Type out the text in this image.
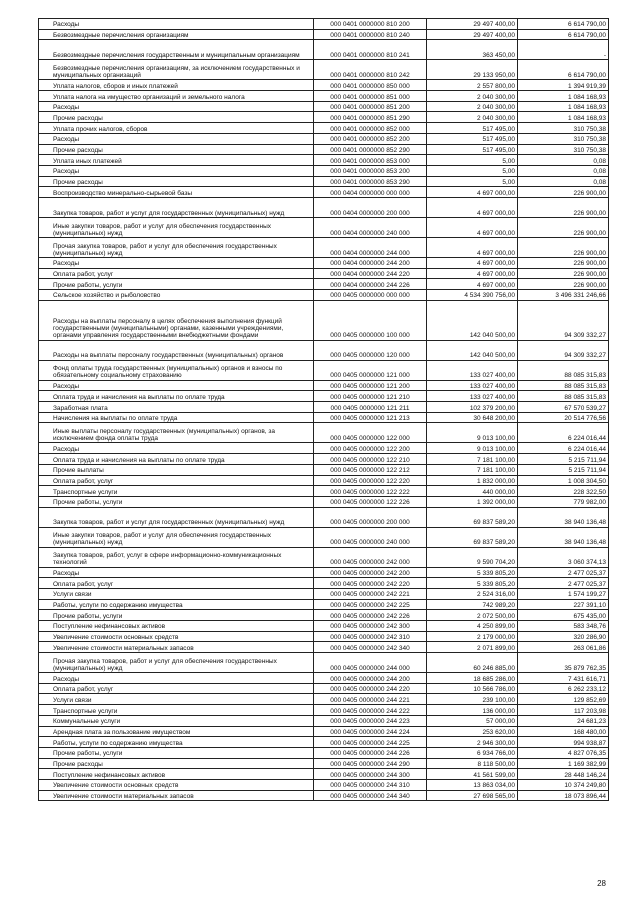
Расходы	000 0401 0000000 810 200	29 497 400,00	6 614 790,00
Безвозмездные перечисления организациям	000 0401 0000000 810 240	29 497 400,00	6 614 790,00
Безвозмездные перечисления государственным и муниципальным организациям	000 0401 0000000 810 241	363 450,00	-
Безвозмездные перечисления организациям, за исключением государственных и муниципальных организаций	000 0401 0000000 810 242	29 133 950,00	6 614 790,00
Уплата налогов, сборов и иных платежей	000 0401 0000000 850 000	2 557 800,00	1 394 919,39
Уплата налога на имущество организаций и земельного налога	000 0401 0000000 851 000	2 040 300,00	1 084 168,93
Расходы	000 0401 0000000 851 200	2 040 300,00	1 084 168,93
Прочие расходы	000 0401 0000000 851 290	2 040 300,00	1 084 168,93
Уплата прочих налогов, сборов	000 0401 0000000 852 000	517 495,00	310 750,38
Расходы	000 0401 0000000 852 200	517 495,00	310 750,38
Прочие расходы	000 0401 0000000 852 290	517 495,00	310 750,38
Уплата иных платежей	000 0401 0000000 853 000	5,00	0,08
Расходы	000 0401 0000000 853 200	5,00	0,08
Прочие расходы	000 0401 0000000 853 290	5,00	0,08
Воспроизводство минерально-сырьевой базы	000 0404 0000000 000 000	4 697 000,00	226 900,00
Закупка товаров, работ и услуг для государственных (муниципальных) нужд	000 0404 0000000 200 000	4 697 000,00	226 900,00
Иные закупки товаров, работ и услуг для обеспечения государственных (муниципальных) нужд	000 0404 0000000 240 000	4 697 000,00	226 900,00
Прочая закупка товаров, работ и услуг для обеспечения государственных (муниципальных) нужд	000 0404 0000000 244 000	4 697 000,00	226 900,00
Расходы	000 0404 0000000 244 200	4 697 000,00	226 900,00
Оплата работ, услуг	000 0404 0000000 244 220	4 697 000,00	226 900,00
Прочие работы, услуги	000 0404 0000000 244 226	4 697 000,00	226 900,00
Сельское хозяйство и рыболовство	000 0405 0000000 000 000	4 534 390 756,00	3 496 331 246,66
Расходы на выплаты персоналу в целях обеспечения выполнения функций государственными (муниципальными) органами, казенными учреждениями, органами управления государственными внебюджетными фондами	000 0405 0000000 100 000	142 040 500,00	94 309 332,27
Расходы на выплаты персоналу государственных (муниципальных) органов	000 0405 0000000 120 000	142 040 500,00	94 309 332,27
Фонд оплаты труда государственных (муниципальных) органов и взносы по обязательному социальному страхованию	000 0405 0000000 121 000	133 027 400,00	88 085 315,83
Расходы	000 0405 0000000 121 200	133 027 400,00	88 085 315,83
Оплата труда и начисления на выплаты по оплате труда	000 0405 0000000 121 210	133 027 400,00	88 085 315,83
Заработная плата	000 0405 0000000 121 211	102 379 200,00	67 570 539,27
Начисления на выплаты по оплате труда	000 0405 0000000 121 213	30 648 200,00	20 514 776,56
Иные выплаты персоналу государственных (муниципальных) органов, за исключением фонда оплаты труда	000 0405 0000000 122 000	9 013 100,00	6 224 016,44
Расходы	000 0405 0000000 122 200	9 013 100,00	6 224 016,44
Оплата труда и начисления на выплаты по оплате труда	000 0405 0000000 122 210	7 181 100,00	5 215 711,94
Прочие выплаты	000 0405 0000000 122 212	7 181 100,00	5 215 711,94
Оплата работ, услуг	000 0405 0000000 122 220	1 832 000,00	1 008 304,50
Транспортные услуги	000 0405 0000000 122 222	440 000,00	228 322,50
Прочие работы, услуги	000 0405 0000000 122 226	1 392 000,00	779 982,00
Закупка товаров, работ и услуг для государственных (муниципальных) нужд	000 0405 0000000 200 000	69 837 589,20	38 940 136,48
Иные закупки товаров, работ и услуг для обеспечения государственных (муниципальных) нужд	000 0405 0000000 240 000	69 837 589,20	38 940 136,48
Закупка товаров, работ, услуг в сфере информационно-коммуникационных технологий	000 0405 0000000 242 000	9 590 704,20	3 060 374,13
Расходы	000 0405 0000000 242 200	5 339 805,20	2 477 025,37
Оплата работ, услуг	000 0405 0000000 242 220	5 339 805,20	2 477 025,37
Услуги связи	000 0405 0000000 242 221	2 524 316,00	1 574 199,27
Работы, услуги по содержанию имущества	000 0405 0000000 242 225	742 989,20	227 391,10
Прочие работы, услуги	000 0405 0000000 242 226	2 072 500,00	675 435,00
Поступление нефинансовых активов	000 0405 0000000 242 300	4 250 899,00	583 348,76
Увеличение стоимости основных средств	000 0405 0000000 242 310	2 179 000,00	320 286,90
Увеличение стоимости материальных запасов	000 0405 0000000 242 340	2 071 899,00	263 061,86
Прочая закупка товаров, работ и услуг для обеспечения государственных (муниципальных) нужд	000 0405 0000000 244 000	60 246 885,00	35 879 762,35
Расходы	000 0405 0000000 244 200	18 685 286,00	7 431 616,71
Оплата работ, услуг	000 0405 0000000 244 220	10 566 786,00	6 262 233,12
Услуги связи	000 0405 0000000 244 221	239 100,00	129 852,69
Транспортные услуги	000 0405 0000000 244 222	136 000,00	117 203,98
Коммунальные услуги	000 0405 0000000 244 223	57 000,00	24 681,23
Арендная плата за пользование имуществом	000 0405 0000000 244 224	253 620,00	168 480,00
Работы, услуги по содержанию имущества	000 0405 0000000 244 225	2 946 300,00	994 938,87
Прочие работы, услуги	000 0405 0000000 244 226	6 934 766,00	4 827 076,35
Прочие расходы	000 0405 0000000 244 290	8 118 500,00	1 169 382,99
Поступление нефинансовых активов	000 0405 0000000 244 300	41 561 599,00	28 448 146,24
Увеличение стоимости основных средств	000 0405 0000000 244 310	13 863 034,00	10 374 249,80
Увеличение стоимости материальных запасов	000 0405 0000000 244 340	27 698 565,00	18 073 896,44
28
